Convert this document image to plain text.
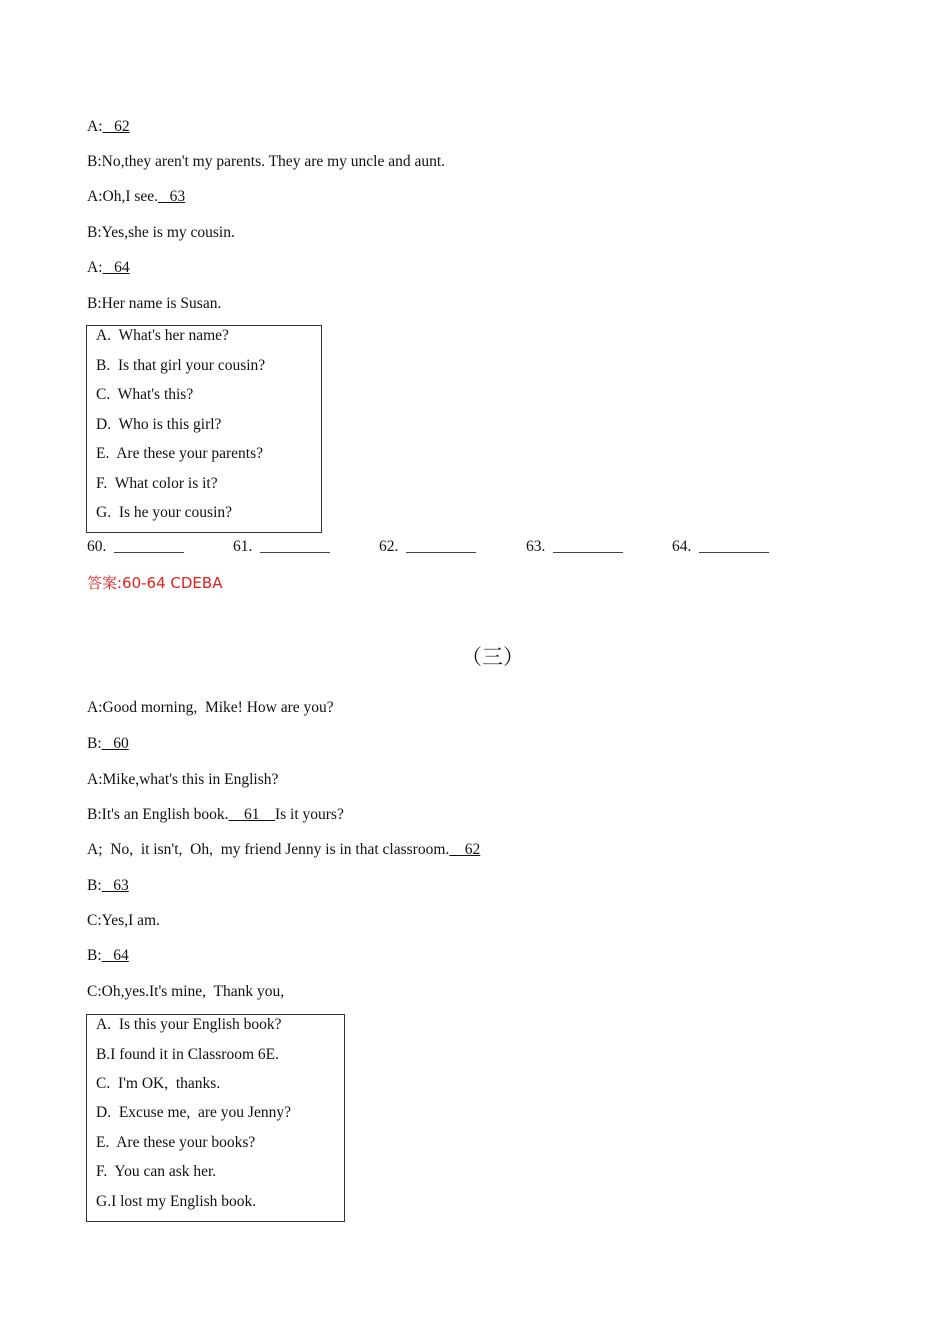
A:   62
B:No,they aren't my parents. They are my uncle and aunt.
A:Oh,I see.   63
B:Yes,she is my cousin.
A:   64
B:Her name is Susan.
A.  What's her name?
B.  Is that girl your cousin?
C.  What's this?
D.  Who is this girl?
E.  Are these your parents?
F.  What color is it?
G.  Is he your cousin?
60.  _________	61.  _________	62.  _________	63.  _________	64.  _________
答案:60-64 CDEBA
（三）
A:Good morning,  Mike! How are you?
B:   60
A:Mike,what's this in English?
B:It's an English book.    61    Is it yours?
A;  No,  it isn't,  Oh,  my friend Jenny is in that classroom.    62
B:   63
C:Yes,I am.
B:   64
C:Oh,yes.It's mine,  Thank you,
A.  Is this your English book?
B.I found it in Classroom 6E.
C.  I'm OK,  thanks.
D.  Excuse me,  are you Jenny?
E.  Are these your books?
F.  You can ask her.
G.I lost my English book.
